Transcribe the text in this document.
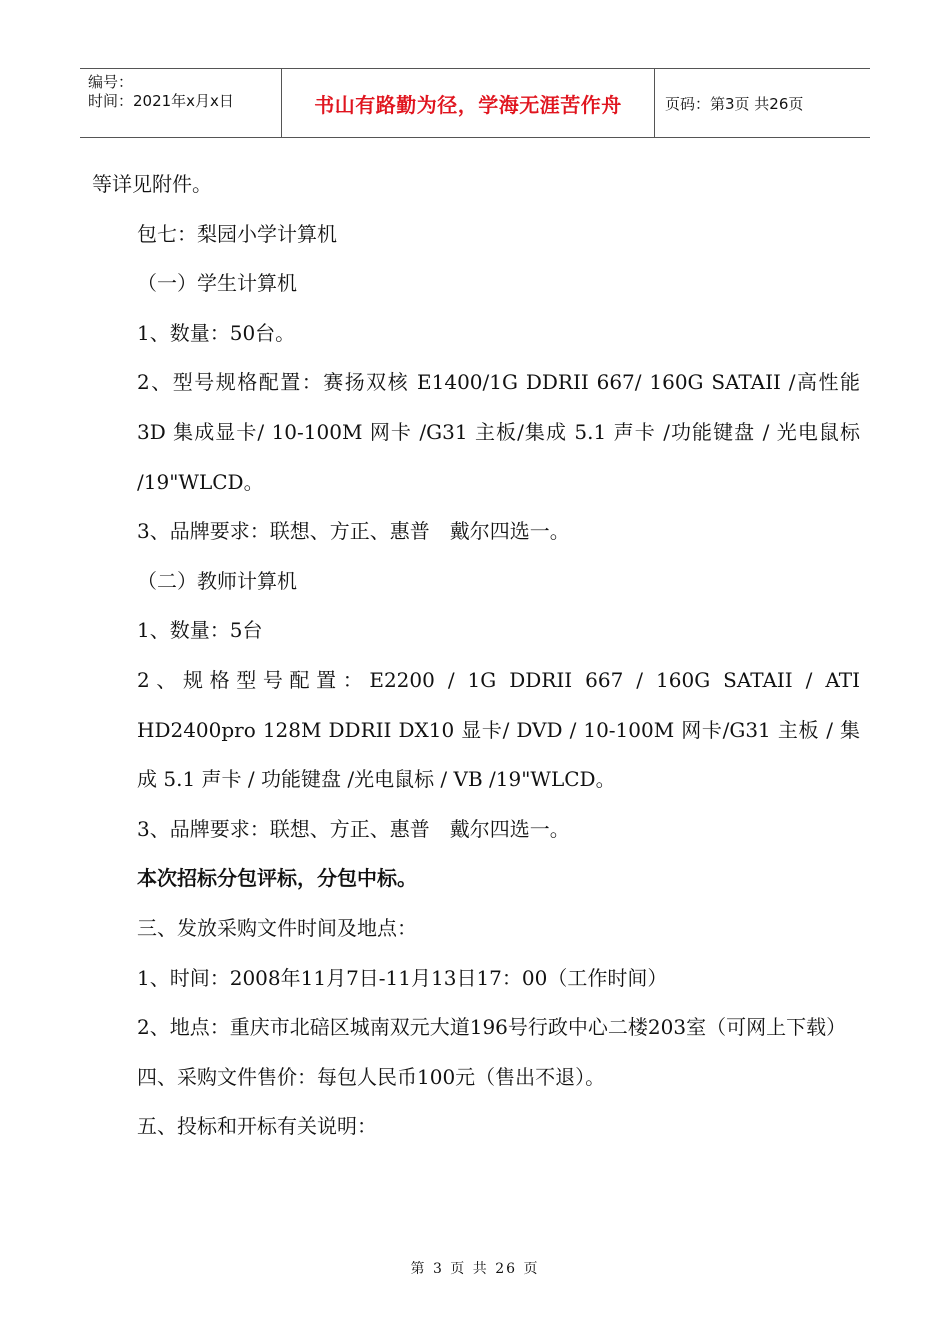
编号：
时间：2021年x月x日	书山有路勤为径，学海无涯苦作舟	页码：第3页 共26页

等详见附件。

包七：梨园小学计算机

（一）学生计算机

1、数量：50台。

2、型号规格配置：赛扬双核 E1400/1G DDRII 667/ 160G SATAII /高性能 3D 集成显卡/ 10-100M 网卡 /G31 主板/集成 5.1 声卡 /功能键盘 / 光电鼠标 /19"WLCD。

3、品牌要求：联想、方正、惠普　戴尔四选一。

（二）教师计算机

1、数量：5台

2、规格型号配置：E2200 / 1G DDRII 667 / 160G SATAII / ATI HD2400pro 128M DDRII DX10 显卡/ DVD / 10-100M 网卡/G31 主板 / 集成 5.1 声卡 / 功能键盘 /光电鼠标 / VB /19"WLCD。

3、品牌要求：联想、方正、惠普　戴尔四选一。

本次招标分包评标，分包中标。

三、发放采购文件时间及地点：

1、时间：2008年11月7日-11月13日17：00（工作时间）

2、地点：重庆市北碚区城南双元大道196号行政中心二楼203室（可网上下载）

四、采购文件售价：每包人民币100元（售出不退）。

五、投标和开标有关说明：

第 3 页 共 26 页
